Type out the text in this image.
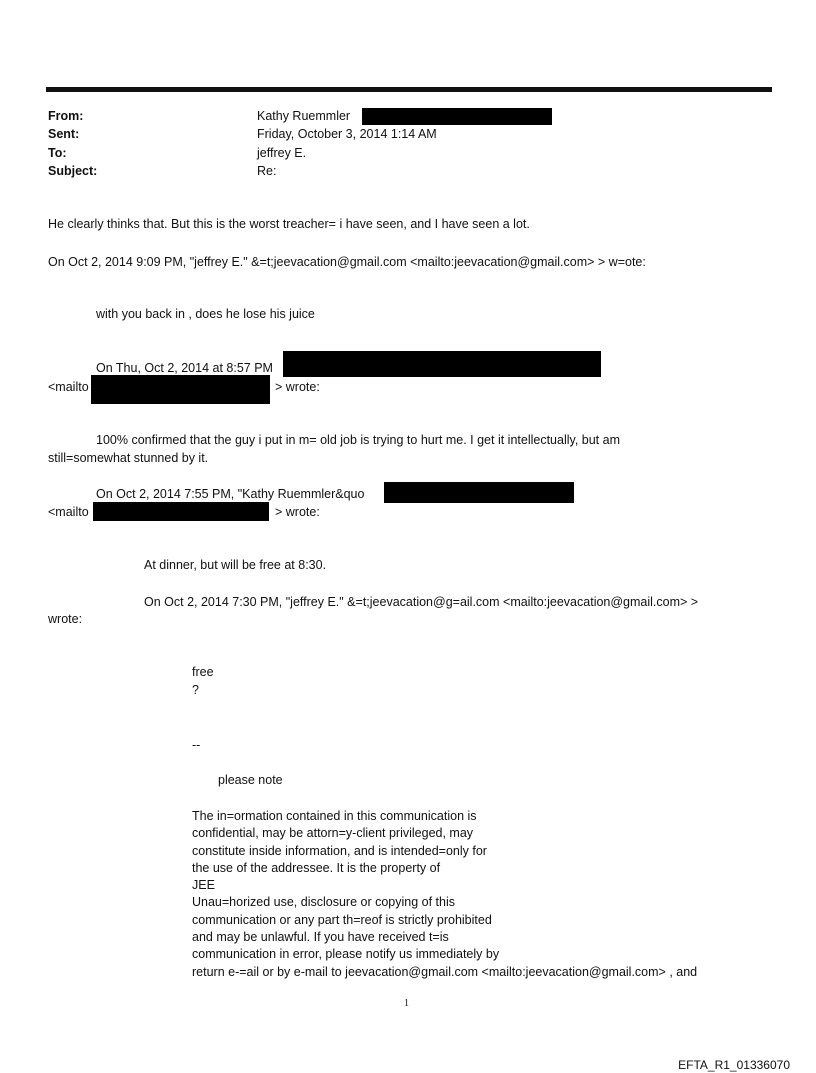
From:	Kathy Ruemmler
Sent:	Friday, October 3, 2014 1:14 AM
To:	jeffrey E.
Subject:	Re:
He clearly thinks that. But this is the worst treacher= i have seen, and I have seen a lot.
On Oct 2, 2014 9:09 PM, "jeffrey E." &=t;jeevacation@gmail.com <mailto:jeevacation@gmail.com> > w=ote:
with you back in , does he lose his juice
On Thu, Oct 2, 2014 at 8:57 PM
<mailto	> wrote:
100% confirmed that the guy i put in m= old job is trying to hurt me. I get it intellectually, but am
still=somewhat stunned by it.
On Oct 2, 2014 7:55 PM, "Kathy Ruemmler&quo
<mailto	> wrote:
At dinner, but will be free at 8:30.
On Oct 2, 2014 7:30 PM, "jeffrey E." &=t;jeevacation@g=ail.com <mailto:jeevacation@gmail.com> >
wrote:
free
?
--
please note
The in=ormation contained in this communication is
confidential, may be attorn=y-client privileged, may
constitute inside information, and is intended=only for
the use of the addressee. It is the property of
JEE
Unau=horized use, disclosure or copying of this
communication or any part th=reof is strictly prohibited
and may be unlawful. If you have received t=is
communication in error, please notify us immediately by
return e-=ail or by e-mail to jeevacation@gmail.com <mailto:jeevacation@gmail.com> , and
1
EFTA_R1_01336070
